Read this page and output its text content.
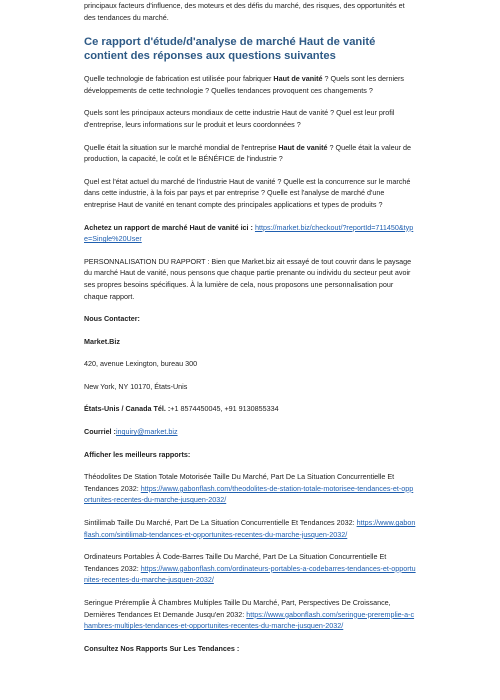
principaux facteurs d'influence, des moteurs et des défis du marché, des risques, des opportunités et des tendances du marché.

Ce rapport d'étude/d'analyse de marché Haut de vanité contient des réponses aux questions suivantes

Quelle technologie de fabrication est utilisée pour fabriquer Haut de vanité ? Quels sont les derniers développements de cette technologie ? Quelles tendances provoquent ces changements ?

Quels sont les principaux acteurs mondiaux de cette industrie Haut de vanité ? Quel est leur profil d'entreprise, leurs informations sur le produit et leurs coordonnées ?

Quelle était la situation sur le marché mondial de l'entreprise Haut de vanité ? Quelle était la valeur de production, la capacité, le coût et le BÉNÉFICE de l'industrie ?

Quel est l'état actuel du marché de l'industrie Haut de vanité ? Quelle est la concurrence sur le marché dans cette industrie, à la fois par pays et par entreprise ? Quelle est l'analyse de marché d'une entreprise Haut de vanité en tenant compte des principales applications et types de produits ?

Achetez un rapport de marché Haut de vanité ici : https://market.biz/checkout/?reportId=711450&type=Single%20User

PERSONNALISATION DU RAPPORT : Bien que Market.biz ait essayé de tout couvrir dans le paysage du marché Haut de vanité, nous pensons que chaque partie prenante ou individu du secteur peut avoir ses propres besoins spécifiques. À la lumière de cela, nous proposons une personnalisation pour chaque rapport.

Nous Contacter:

Market.Biz

420, avenue Lexington, bureau 300

New York, NY 10170, États-Unis

États-Unis / Canada Tél. :+1 8574450045, +91 9130855334

Courriel :inquiry@market.biz

Afficher les meilleurs rapports:

Théodolites De Station Totale Motorisée Taille Du Marché, Part De La Situation Concurrentielle Et Tendances 2032: https://www.gabonflash.com/theodolites-de-station-totale-motorisee-tendances-et-opportunites-recentes-du-marche-jusquen-2032/

Sintilimab Taille Du Marché, Part De La Situation Concurrentielle Et Tendances 2032: https://www.gabonflash.com/sintilimab-tendances-et-opportunites-recentes-du-marche-jusquen-2032/

Ordinateurs Portables À Code-Barres Taille Du Marché, Part De La Situation Concurrentielle Et Tendances 2032: https://www.gabonflash.com/ordinateurs-portables-a-codebarres-tendances-et-opportunites-recentes-du-marche-jusquen-2032/

Seringue Préremplie À Chambres Multiples Taille Du Marché, Part, Perspectives De Croissance, Dernières Tendances Et Demande Jusqu'en 2032: https://www.gabonflash.com/seringue-preremplie-a-chambres-multiples-tendances-et-opportunites-recentes-du-marche-jusquen-2032/

Consultez Nos Rapports Sur Les Tendances :
